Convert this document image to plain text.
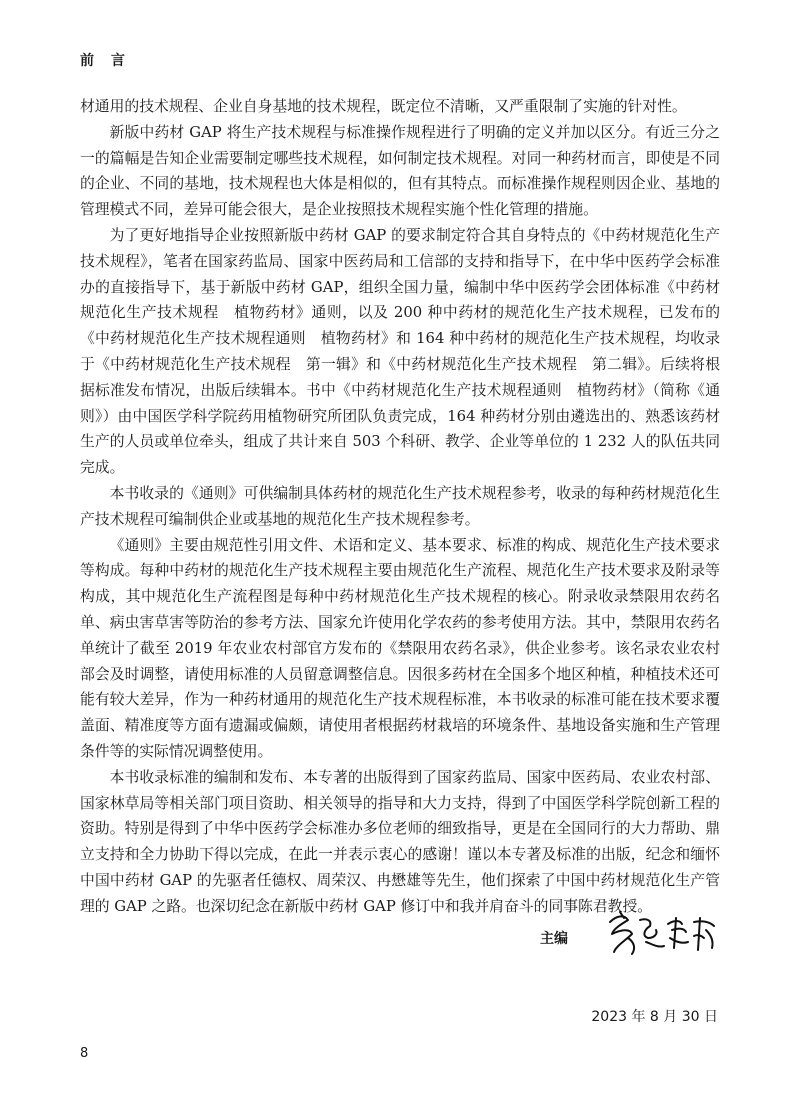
前 言

材通用的技术规程、企业自身基地的技术规程，既定位不清晰，又严重限制了实施的针对性。

新版中药材 GAP 将生产技术规程与标准操作规程进行了明确的定义并加以区分。有近三分之一的篇幅是告知企业需要制定哪些技术规程，如何制定技术规程。对同一种药材而言，即使是不同的企业、不同的基地，技术规程也大体是相似的，但有其特点。而标准操作规程则因企业、基地的管理模式不同，差异可能会很大，是企业按照技术规程实施个性化管理的措施。

为了更好地指导企业按照新版中药材 GAP 的要求制定符合其自身特点的《中药材规范化生产技术规程》，笔者在国家药监局、国家中医药局和工信部的支持和指导下，在中华中医药学会标准办的直接指导下，基于新版中药材 GAP，组织全国力量，编制中华中医药学会团体标准《中药材规范化生产技术规程　植物药材》通则，以及 200 种中药材的规范化生产技术规程，已发布的《中药材规范化生产技术规程通则　植物药材》和 164 种中药材的规范化生产技术规程，均收录于《中药材规范化生产技术规程　第一辑》和《中药材规范化生产技术规程　第二辑》。后续将根据标准发布情况，出版后续辑本。书中《中药材规范化生产技术规程通则　植物药材》（简称《通则》）由中国医学科学院药用植物研究所团队负责完成，164 种药材分别由遴选出的、熟悉该药材生产的人员或单位牵头，组成了共计来自 503 个科研、教学、企业等单位的 1 232 人的队伍共同完成。

本书收录的《通则》可供编制具体药材的规范化生产技术规程参考，收录的每种药材规范化生产技术规程可编制供企业或基地的规范化生产技术规程参考。

《通则》主要由规范性引用文件、术语和定义、基本要求、标准的构成、规范化生产技术要求等构成。每种中药材的规范化生产技术规程主要由规范化生产流程、规范化生产技术要求及附录等构成，其中规范化生产流程图是每种中药材规范化生产技术规程的核心。附录收录禁限用农药名单、病虫害草害等防治的参考方法、国家允许使用化学农药的参考使用方法。其中，禁限用农药名单统计了截至 2019 年农业农村部官方发布的《禁限用农药名录》，供企业参考。该名录农业农村部会及时调整，请使用标准的人员留意调整信息。因很多药材在全国多个地区种植，种植技术还可能有较大差异，作为一种药材通用的规范化生产技术规程标准，本书收录的标准可能在技术要求覆盖面、精准度等方面有遗漏或偏颇，请使用者根据药材栽培的环境条件、基地设备实施和生产管理条件等的实际情况调整使用。

本书收录标准的编制和发布、本专著的出版得到了国家药监局、国家中医药局、农业农村部、国家林草局等相关部门项目资助、相关领导的指导和大力支持，得到了中国医学科学院创新工程的资助。特别是得到了中华中医药学会标准办多位老师的细致指导，更是在全国同行的大力帮助、鼎立支持和全力协助下得以完成，在此一并表示衷心的感谢！谨以本专著及标准的出版，纪念和缅怀中国中药材 GAP 的先驱者任德权、周荣汉、冉懋雄等先生，他们探索了中国中药材规范化生产管理的 GAP 之路。也深切纪念在新版中药材 GAP 修订中和我并肩奋斗的同事陈君教授。

主编
2023 年 8 月 30 日
8
